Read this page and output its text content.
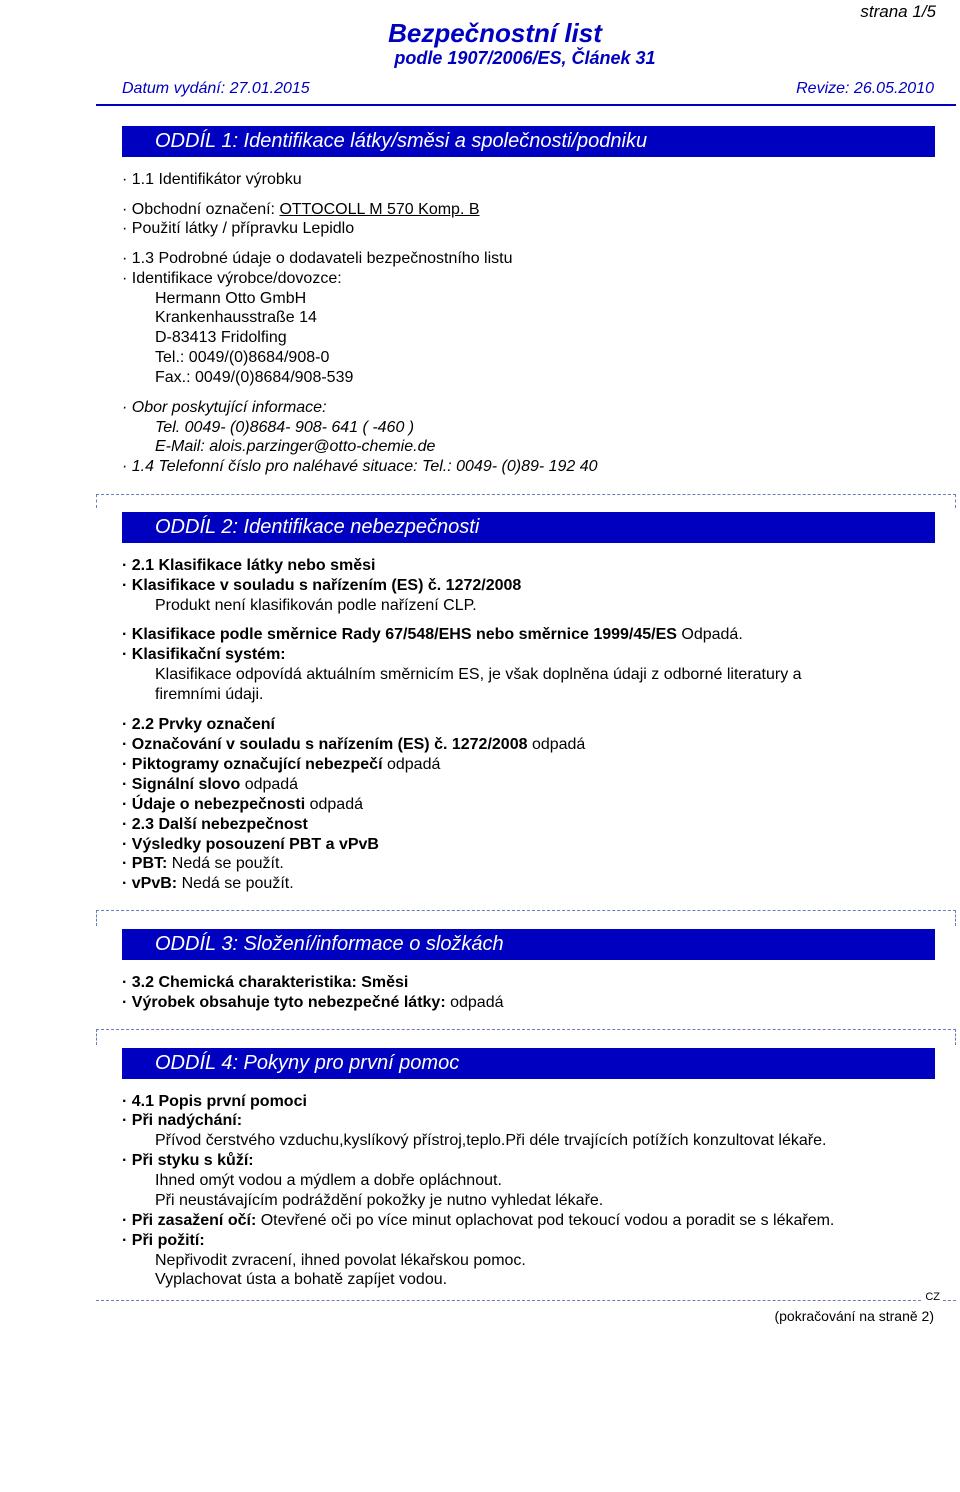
strana 1/5
Bezpečnostní list
podle 1907/2006/ES, Článek 31
Datum vydání: 27.01.2015	Revize: 26.05.2010
ODDÍL 1: Identifikace látky/směsi a společnosti/podniku
· 1.1 Identifikátor výrobku
· Obchodní označení: OTTOCOLL M 570 Komp. B
· Použití látky / přípravku Lepidlo
· 1.3 Podrobné údaje o dodavateli bezpečnostního listu
· Identifikace výrobce/dovozce:
Hermann Otto GmbH
Krankenhausstraße 14
D-83413 Fridolfing
Tel.: 0049/(0)8684/908-0
Fax.: 0049/(0)8684/908-539
· Obor poskytující informace:
Tel. 0049- (0)8684- 908- 641 ( -460 )
E-Mail: alois.parzinger@otto-chemie.de
· 1.4 Telefonní číslo pro naléhavé situace: Tel.: 0049- (0)89- 192 40
ODDÍL 2: Identifikace nebezpečnosti
· 2.1 Klasifikace látky nebo směsi
· Klasifikace v souladu s nařízením (ES) č. 1272/2008
Produkt není klasifikován podle nařízení CLP.
· Klasifikace podle směrnice Rady 67/548/EHS nebo směrnice 1999/45/ES Odpadá.
· Klasifikační systém:
Klasifikace odpovídá aktuálním směrnicím ES, je však doplněna údaji z odborné literatury a
firemními údaji.
· 2.2 Prvky označení
· Označování v souladu s nařízením (ES) č. 1272/2008 odpadá
· Piktogramy označující nebezpečí odpadá
· Signální slovo odpadá
· Údaje o nebezpečnosti odpadá
· 2.3 Další nebezpečnost
· Výsledky posouzení PBT a vPvB
· PBT: Nedá se použít.
· vPvB: Nedá se použít.
ODDÍL 3: Složení/informace o složkách
· 3.2 Chemická charakteristika: Směsi
· Výrobek obsahuje tyto nebezpečné látky: odpadá
ODDÍL 4: Pokyny pro první pomoc
· 4.1 Popis první pomoci
· Při nadýchání:
Přívod čerstvého vzduchu,kyslíkový přístroj,teplo.Při déle trvajících potížích konzultovat lékaře.
· Při styku s kůží:
Ihned omýt vodou a mýdlem a dobře opláchnout.
Při neustávajícím podráždění pokožky je nutno vyhledat lékaře.
· Při zasažení očí: Otevřené oči po více minut oplachovat pod tekoucí vodou a poradit se s lékařem.
· Při požití:
Nepřivodit zvracení, ihned povolat lékařskou pomoc.
Vyplachovat ústa a bohatě zapíjet vodou.
CZ
(pokračování na straně 2)
